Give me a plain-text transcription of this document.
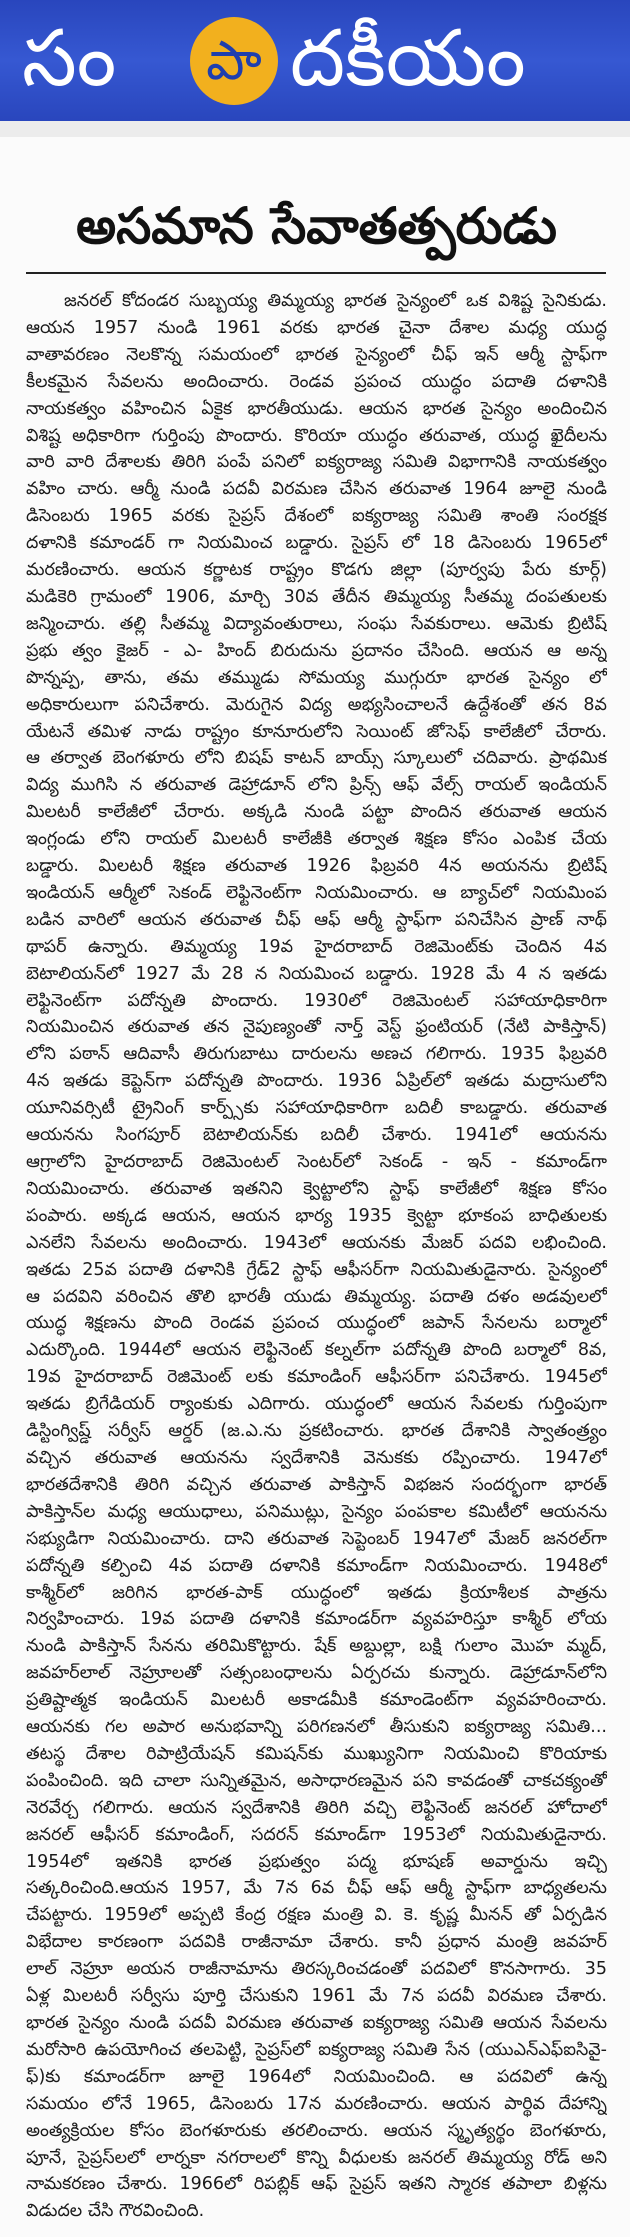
సం పా దకీయం
అసమాన సేవాతత్పరుడు
జనరల్ కోదండర సుబ్బయ్య తిమ్మయ్య భారత సైన్యంలో ఒక విశిష్ట సైనికుడు.
ఆయన 1957 నుండి 1961 వరకు భారత చైనా దేశాల మధ్య యుద్ధ
వాతావరణం నెలకొన్న సమయంలో భారత సైన్యంలో చీఫ్ ఇన్ ఆర్మీ స్టాఫ్‌గా
కీలకమైన సేవలను అందించారు. రెండవ ప్రపంచ యుద్ధం పదాతి దళానికి
నాయకత్వం వహించిన ఏకైక భారతీయుడు. ఆయన భారత సైన్యం అందించిన
విశిష్ట అధికారిగా గుర్తింపు పొందారు. కొరియా యుద్ధం తరువాత, యుద్ధ ఖైదీలను
వారి వారి దేశాలకు తిరిగి పంపే పనిలో ఐక్యరాజ్య సమితి విభాగానికి నాయకత్వం
వహిం చారు. ఆర్మీ నుండి పదవీ విరమణ చేసిన తరువాత 1964 జూలై నుండి
డిసెంబరు 1965 వరకు సైప్రస్ దేశంలో ఐక్యరాజ్య సమితి శాంతి సంరక్షక
దళానికి కమాండర్ గా నియమించ బడ్డారు. సైప్రస్ లో 18 డిసెంబరు 1965లో
మరణించారు. ఆయన కర్ణాటక రాష్ట్రం కొడగు జిల్లా (పూర్వపు పేరు కూర్గ్)
మడికెరి గ్రామంలో 1906, మార్చి 30వ తేదీన తిమ్మయ్య సీతమ్మ దంపతులకు
జన్మించారు. తల్లి సీతమ్మ విద్యావంతురాలు, సంఘ సేవకురాలు. ఆమెకు బ్రిటిష్
ప్రభు త్వం కైజర్ - ఎ- హింద్ బిరుదును ప్రదానం చేసింది. ఆయన ఆ అన్న
పొన్నప్ప, తాను, తమ తమ్ముడు సోమయ్య ముగ్గురూ భారత సైన్యం లో
అధికారులుగా పనిచేశారు. మెరుగైన విద్య అభ్యసించాలనే ఉద్దేశంతో తన 8వ
యేటనే తమిళ నాడు రాష్ట్రం కూనూరులోని సెయింట్ జోసెఫ్ కాలేజీలో చేరారు.
ఆ తర్వాత బెంగళూరు లోని బిషప్ కాటన్ బాయ్స్ స్కూలులో చదివారు. ప్రాథమిక
విద్య ముగిసి న తరువాత డెహ్రాడూన్ లోని ప్రిన్స్ ఆఫ్ వేల్స్ రాయల్ ఇండియన్
మిలటరీ కాలేజీలో చేరారు. అక్కడి నుండి పట్టా పొందిన తరువాత ఆయన
ఇంగ్లండు లోని రాయల్ మిలటరీ కాలేజీకి తర్వాత శిక్షణ కోసం ఎంపిక చేయ
బడ్డారు. మిలటరీ శిక్షణ తరువాత 1926 ఫిబ్రవరి 4న అయనను బ్రిటిష్
ఇండియన్ ఆర్మీలో సెకండ్ లెఫ్టినెంట్‌గా నియమించారు. ఆ బ్యాచ్‌లో నియమింప
బడిన వారిలో ఆయన తరువాత చీఫ్ ఆఫ్ ఆర్మీ స్టాఫ్‌గా పనిచేసిన ప్రాణ్ నాథ్
థాపర్ ఉన్నారు. తిమ్మయ్య 19వ హైదరాబాద్ రెజిమెంట్‌కు చెందిన 4వ
బెటాలియన్‌లో 1927 మే 28 న నియమించ బడ్డారు. 1928 మే 4 న ఇతడు
లెఫ్టినెంట్‌గా పదోన్నతి పొందారు. 1930లో రెజిమెంటల్ సహాయాధికారిగా
నియమించిన తరువాత తన నైపుణ్యంతో నార్త్ వెస్ట్ ఫ్రంటియర్ (నేటి పాకిస్తాన్)
లోని పఠాన్ ఆదివాసీ తిరుగుబాటు దారులను అణచ గలిగారు. 1935 ఫిబ్రవరి
4న ఇతడు కెప్టెన్‌గా పదోన్నతి పొందారు. 1936 ఏప్రిల్‌లో ఇతడు మద్రాసులోని
యూనివర్సిటీ ట్రైనింగ్ కార్ప్స్‌కు సహాయాధికారిగా బదిలీ కాబడ్డారు. తరువాత
ఆయనను సింగపూర్ బెటాలియన్‌కు బదిలీ చేశారు. 1941లో ఆయనను
ఆగ్రాలోని హైదరాబాద్ రెజిమెంటల్ సెంటర్‌లో సెకండ్ - ఇన్ - కమాండ్‌గా
నియమించారు. తరువాత ఇతనిని క్వెట్టాలోని స్టాఫ్ కాలేజీలో శిక్షణ కోసం
పంపారు. అక్కడ ఆయన, ఆయన భార్య 1935 క్వెట్టా భూకంప బాధితులకు
ఎనలేని సేవలను అందించారు. 1943లో ఆయనకు మేజర్ పదవి లభించింది.
ఇతడు 25వ పదాతి దళానికి గ్రేడ్2 స్టాఫ్ ఆఫీసర్‌గా నియమితుడైనారు. సైన్యంలో
ఆ పదవిని వరించిన తొలి భారతీ యుడు తిమ్మయ్య. పదాతి దళం అడవులలో
యుద్ధ శిక్షణను పొంది రెండవ ప్రపంచ యుద్ధంలో జపాన్ సేనలను బర్మాలో
ఎదుర్కొంది. 1944లో ఆయన లెఫ్టినెంట్ కల్నల్‌గా పదోన్నతి పొంది బర్మాలో 8వ,
19వ హైదరాబాద్ రెజిమెంట్ లకు కమాండింగ్ ఆఫీసర్‌గా పనిచేశారు. 1945లో
ఇతడు బ్రిగేడియర్ ర్యాంకుకు ఎదిగారు. యుద్ధంలో ఆయన సేవలకు గుర్తింపుగా
డిస్టింగ్విష్డ్ సర్వీస్ ఆర్డర్ (జ.ఎ.ను ప్రకటించారు. భారత దేశానికి స్వాతంత్ర్యం
వచ్చిన తరువాత ఆయనను స్వదేశానికి వెనుకకు రప్పించారు. 1947లో
భారతదేశానికి తిరిగి వచ్చిన తరువాత పాకిస్తాన్ విభజన సందర్భంగా భారత్
పాకిస్తాన్‌ల మధ్య ఆయుధాలు, పనిముట్లు, సైన్యం పంపకాల కమిటీలో ఆయనను
సభ్యుడిగా నియమించారు. దాని తరువాత సెప్టెంబర్ 1947లో మేజర్ జనరల్‌గా
పదోన్నతి కల్పించి 4వ పదాతి దళానికి కమాండ్‌గా నియమించారు. 1948లో
కాశ్మీర్‌లో జరిగిన భారత-పాక్ యుద్ధంలో ఇతడు క్రియాశీలక పాత్రను
నిర్వహించారు. 19వ పదాతి దళానికి కమాండర్‌గా వ్యవహరిస్తూ కాశ్మీర్ లోయ
నుండి పాకిస్తాన్ సేనను తరిమికొట్టారు. షేక్ అబ్దుల్లా, బక్షి గులాం మొహ మ్మద్,
జవహర్‌లాల్ నెహ్రూలతో సత్సంబంధాలను ఏర్పరచు కున్నారు. డెహ్రాడూన్‌లోని
ప్రతిష్టాత్మక ఇండియన్ మిలటరీ అకాడమీకి కమాండెంట్‌గా వ్యవహరించారు.
ఆయనకు గల అపార అనుభవాన్ని పరిగణనలో తీసుకుని ఐక్యరాజ్య సమితి...
తటస్థ దేశాల రిపాట్రియేషన్ కమిషన్‌కు ముఖ్యునిగా నియమించి కొరియాకు
పంపించింది. ఇది చాలా సున్నితమైన, అసాధారణమైన పని కావడంతో చాకచక్యంతో
నెరవేర్చ గలిగారు. ఆయన స్వదేశానికి తిరిగి వచ్చి లెఫ్టినెంట్ జనరల్ హోదాలో
జనరల్ ఆఫీసర్ కమాండింగ్, సదరన్ కమాండ్‌గా 1953లో నియమితుడైనారు.
1954లో ఇతనికి భారత ప్రభుత్వం పద్మ భూషణ్ అవార్డును ఇచ్చి
సత్కరించింది.ఆయన 1957, మే 7న 6వ చీఫ్ ఆఫ్ ఆర్మీ స్టాఫ్‌గా బాధ్యతలను
చేపట్టారు. 1959లో అప్పటి కేంద్ర రక్షణ మంత్రి వి. కె. కృష్ణ మీనన్ తో ఏర్పడిన
విభేదాల కారణంగా పదవికి రాజీనామా చేశారు. కానీ ప్రధాన మంత్రి జవహర్
లాల్ నెహ్రూ అయన రాజీనామాను తిరస్కరించడంతో పదవిలో కొనసాగారు. 35
ఏళ్ల మిలటరీ సర్వీసు పూర్తి చేసుకుని 1961 మే 7న పదవీ విరమణ చేశారు.
భారత సైన్యం నుండి పదవీ విరమణ తరువాత ఐక్యరాజ్య సమితి ఆయన సేవలను
మరోసారి ఉపయోగించ తలపెట్టి, సైప్రస్‌లో ఐక్యరాజ్య సమితి సేన (యుఎన్ఎఫ్ఐసివై-
ఫ్)కు కమాండర్‌గా జూలై 1964లో నియమించింది. ఆ పదవిలో ఉన్న
సమయం లోనే 1965, డిసెంబరు 17న మరణించారు. ఆయన పార్థివ దేహాన్ని
అంత్యక్రియల కోసం బెంగళూరుకు తరలించారు. ఆయన స్మృత్యర్థం బెంగళూరు,
పూనే, సైప్రస్‌లలో లార్నకా నగరాలలో కొన్ని వీధులకు జనరల్ తిమ్మయ్య రోడ్ అని
నామకరణం చేశారు. 1966లో రిపబ్లిక్ ఆఫ్ సైప్రస్ ఇతని స్మారక తపాలా బిళ్లను
విడుదల చేసి గౌరవించింది.
